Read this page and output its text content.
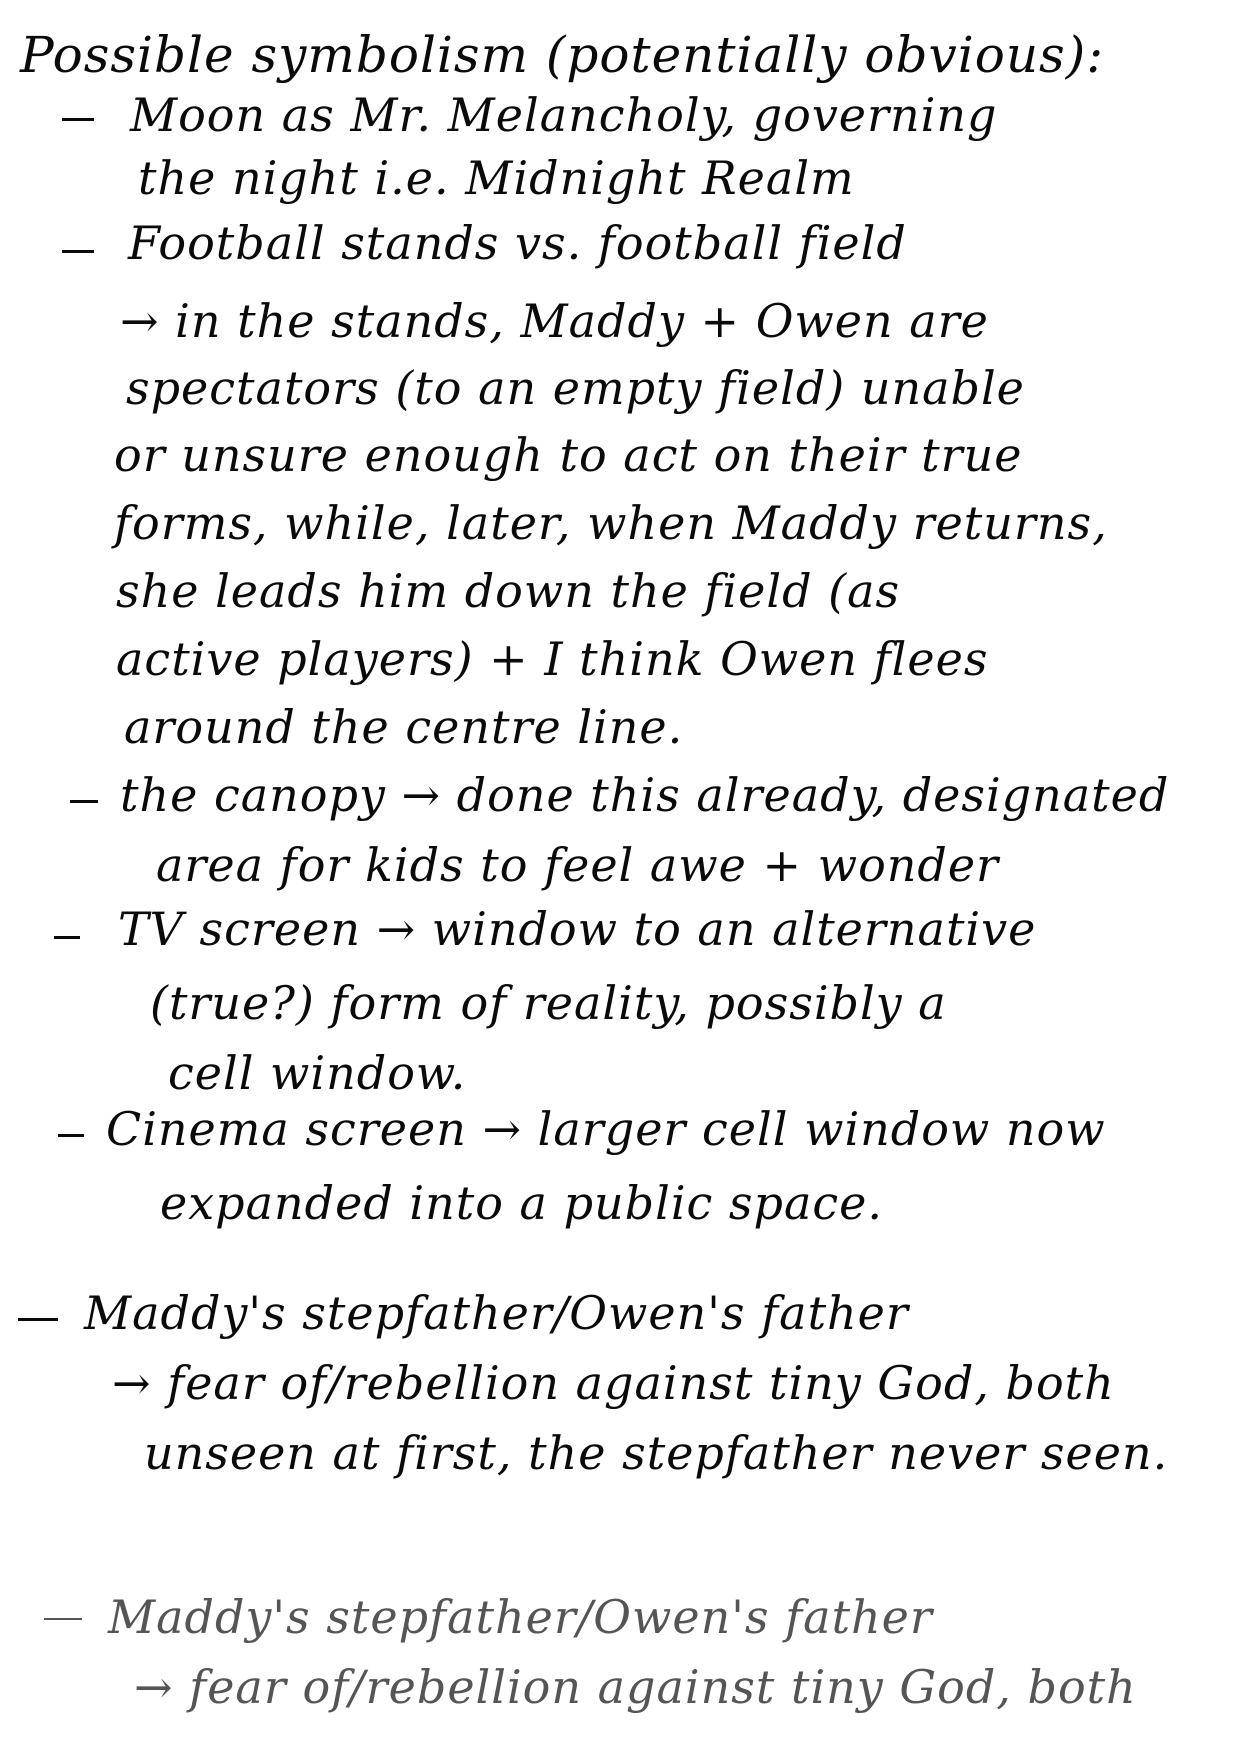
Possible symbolism (potentially obvious):

Moon as Mr. Melancholy, governing

the night i.e. Midnight Realm

Football stands vs. football field

→ in the stands, Maddy + Owen are

spectators (to an empty field) unable

or unsure enough to act on their true

forms, while, later, when Maddy returns,

she leads him down the field (as

active players) + I think Owen flees

around the centre line.

the canopy → done this already, designated

area for kids to feel awe + wonder

TV screen → window to an alternative

(true?) form of reality, possibly a

cell window.

Cinema screen → larger cell window now

expanded into a public space.

Maddy's stepfather/Owen's father

→ fear of/rebellion against tiny God, both

unseen at first, the stepfather never seen.

Maddy's stepfather/Owen's father

→ fear of/rebellion against tiny God, both
